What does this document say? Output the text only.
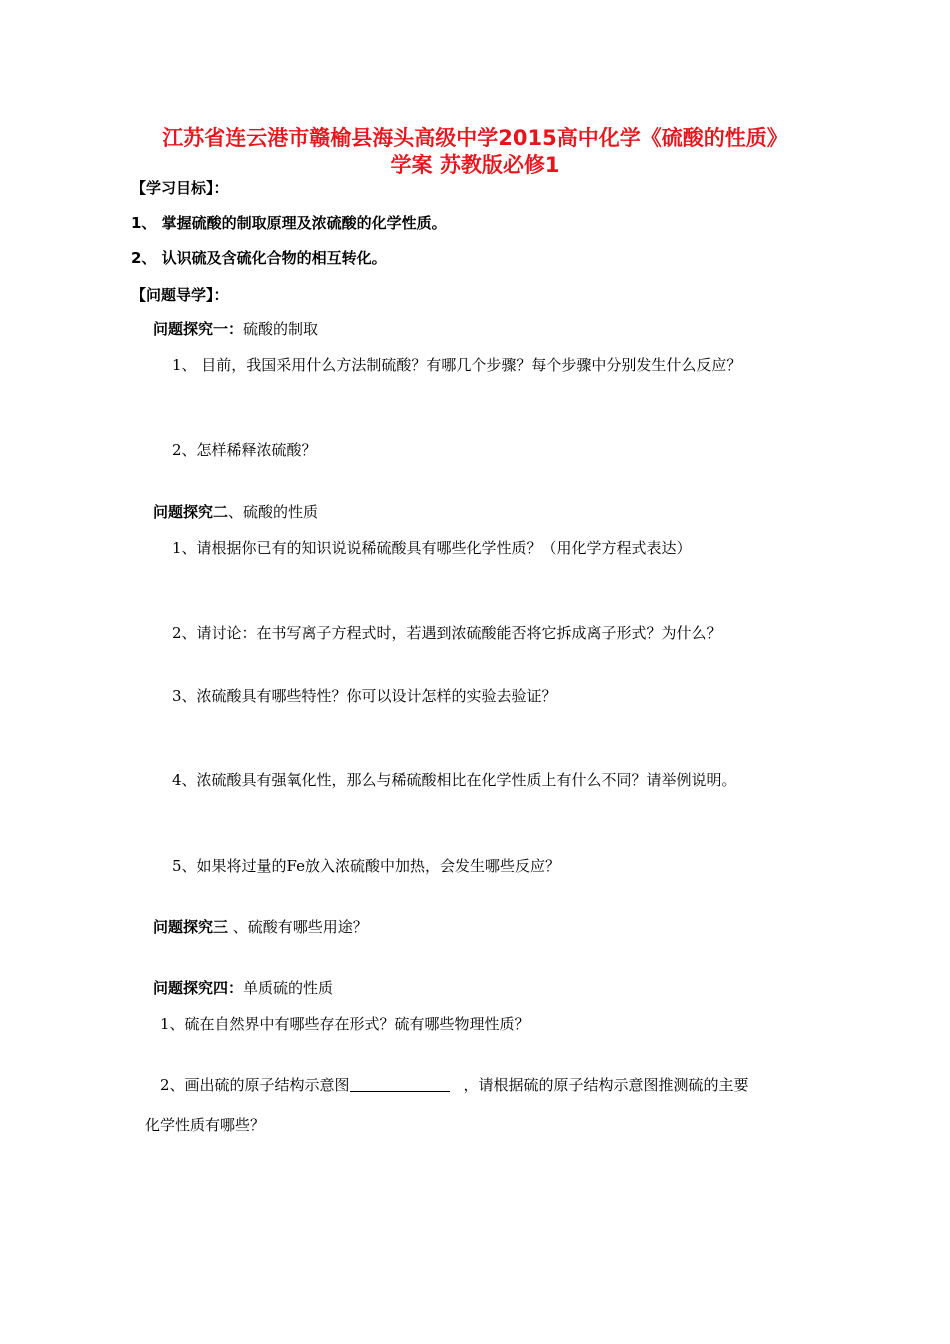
江苏省连云港市赣榆县海头高级中学2015高中化学《硫酸的性质》
学案 苏教版必修1
【学习目标】：
1、 掌握硫酸的制取原理及浓硫酸的化学性质。
2、 认识硫及含硫化合物的相互转化。
【问题导学】：
问题探究一：硫酸的制取
1、 目前，我国采用什么方法制硫酸？有哪几个步骤？每个步骤中分别发生什么反应？
2、怎样稀释浓硫酸？
问题探究二、硫酸的性质
1、请根据你已有的知识说说稀硫酸具有哪些化学性质？（用化学方程式表达）
2、请讨论：在书写离子方程式时，若遇到浓硫酸能否将它拆成离子形式？为什么？
3、浓硫酸具有哪些特性？你可以设计怎样的实验去验证？
4、浓硫酸具有强氧化性，那么与稀硫酸相比在化学性质上有什么不同？请举例说明。
5、如果将过量的Fe放入浓硫酸中加热，会发生哪些反应？
问题探究三 、硫酸有哪些用途？
问题探究四：单质硫的性质
1、硫在自然界中有哪些存在形式？硫有哪些物理性质？
2、画出硫的原子结构示意图	，请根据硫的原子结构示意图推测硫的主要
化学性质有哪些？
